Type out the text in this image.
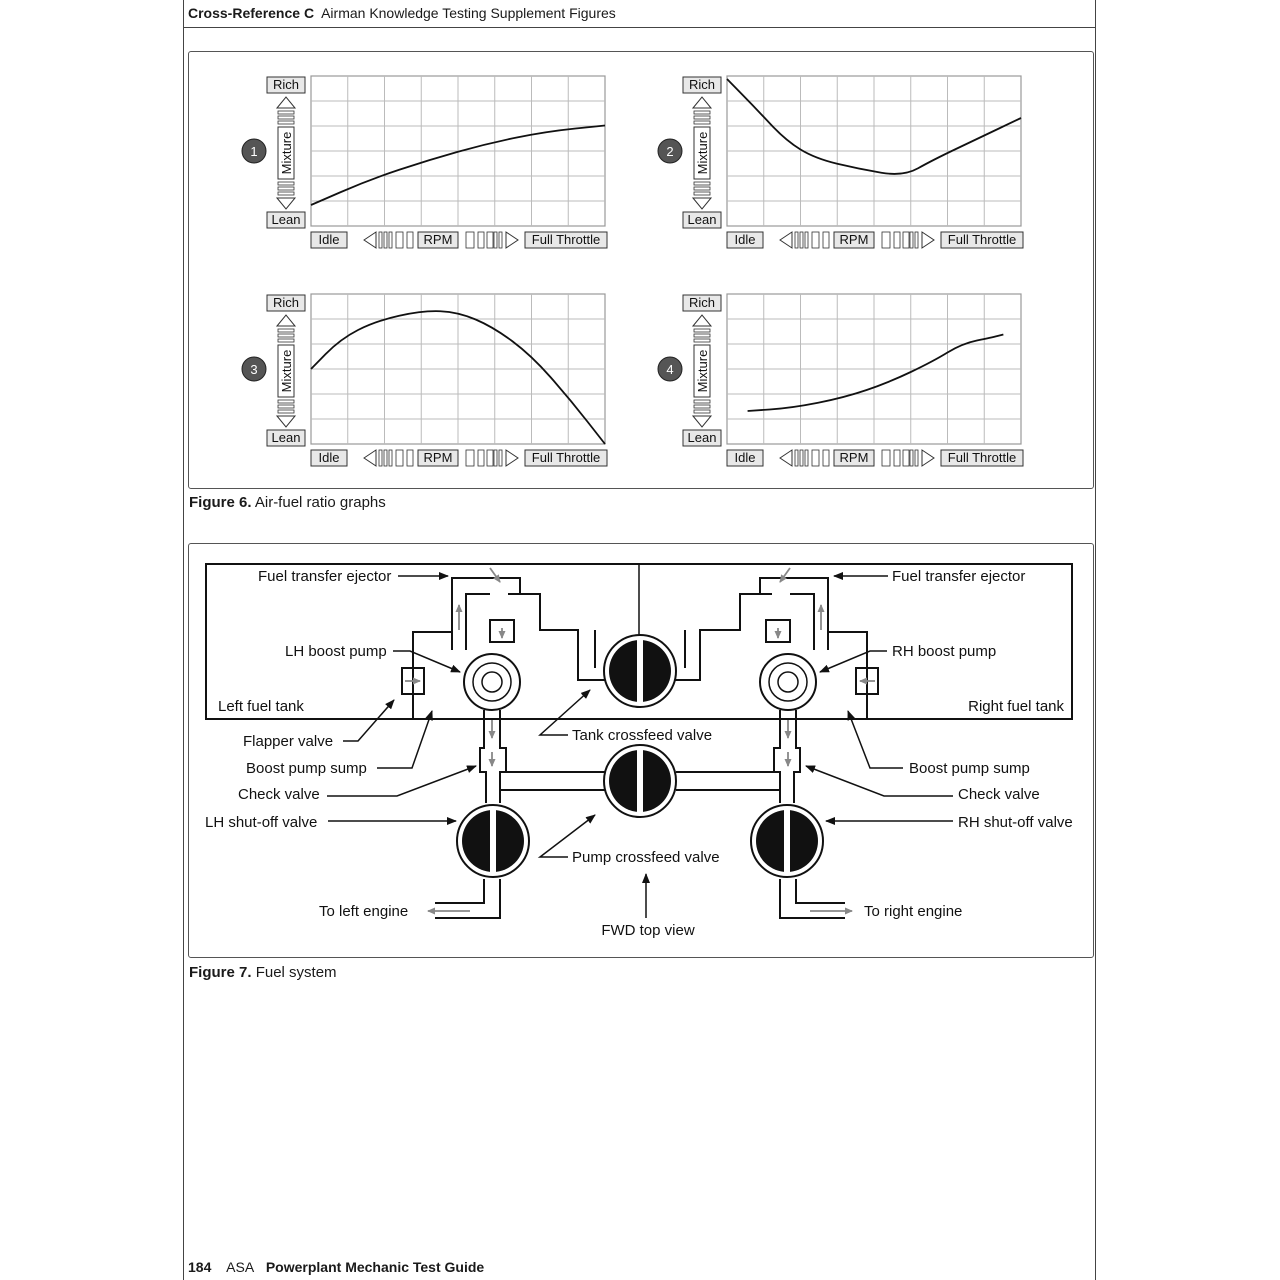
Cross-Reference C Airman Knowledge Testing Supplement Figures
1
Rich
Lean
Mixture
Idle	RPM	Full Throttle
2
Rich
Lean
Mixture
Idle	RPM	Full Throttle
3
Rich
Lean
Mixture
Idle	RPM	Full Throttle
4
Rich
Lean
Mixture
Idle	RPM	Full Throttle
Figure 6. Air-fuel ratio graphs
Fuel transfer ejector	Fuel transfer ejector
LH boost pump	RH boost pump
Left fuel tank	Right fuel tank
Flapper valve	Tank crossfeed valve
Boost pump sump	Boost pump sump
Check valve	Check valve
LH shut-off valve	RH shut-off valve
Pump crossfeed valve
To left engine	To right engine
FWD top view
Figure 7. Fuel system
184 ASA Powerplant Mechanic Test Guide
